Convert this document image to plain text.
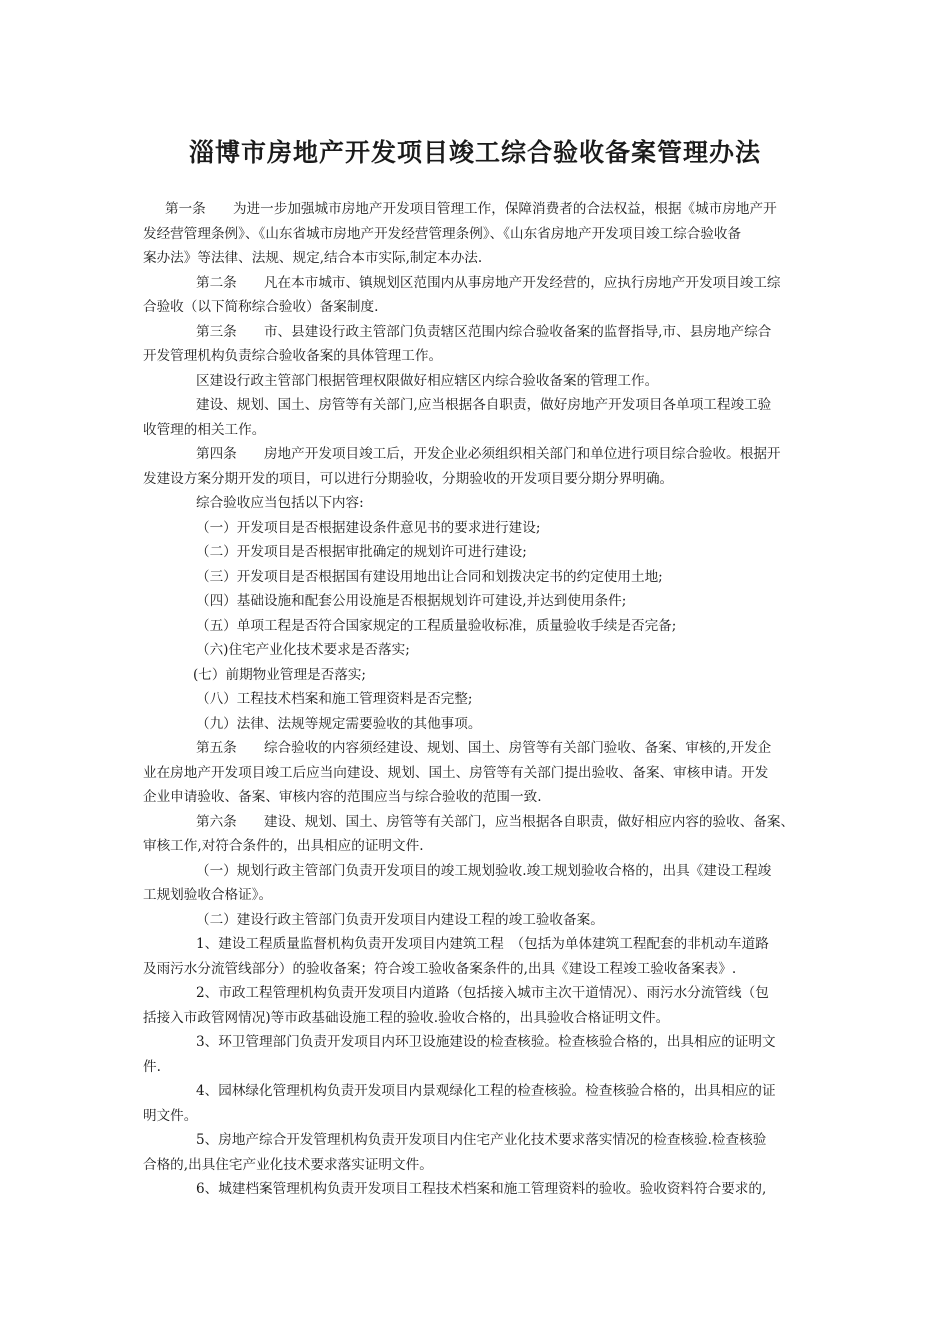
淄博市房地产开发项目竣工综合验收备案管理办法
第一条　　为进一步加强城市房地产开发项目管理工作，保障消费者的合法权益，根据《城市房地产开
发经营管理条例》、《山东省城市房地产开发经营管理条例》、《山东省房地产开发项目竣工综合验收备
案办法》等法律、法规、规定,结合本市实际,制定本办法.
第二条　　凡在本市城市、镇规划区范围内从事房地产开发经营的，应执行房地产开发项目竣工综
合验收（以下简称综合验收）备案制度.
第三条　　市、县建设行政主管部门负责辖区范围内综合验收备案的监督指导,市、县房地产综合
开发管理机构负责综合验收备案的具体管理工作。
区建设行政主管部门根据管理权限做好相应辖区内综合验收备案的管理工作。
建设、规划、国土、房管等有关部门,应当根据各自职责，做好房地产开发项目各单项工程竣工验
收管理的相关工作。
第四条　　房地产开发项目竣工后，开发企业必须组织相关部门和单位进行项目综合验收。根据开
发建设方案分期开发的项目，可以进行分期验收，分期验收的开发项目要分期分界明确。
综合验收应当包括以下内容:
（一）开发项目是否根据建设条件意见书的要求进行建设;
（二）开发项目是否根据审批确定的规划许可进行建设;
（三）开发项目是否根据国有建设用地出让合同和划拨决定书的约定使用土地;
（四）基础设施和配套公用设施是否根据规划许可建设,并达到使用条件;
（五）单项工程是否符合国家规定的工程质量验收标准，质量验收手续是否完备;
（六)住宅产业化技术要求是否落实;
(七）前期物业管理是否落实;
（八）工程技术档案和施工管理资料是否完整;
（九）法律、法规等规定需要验收的其他事项。
第五条　　综合验收的内容须经建设、规划、国土、房管等有关部门验收、备案、审核的,开发企
业在房地产开发项目竣工后应当向建设、规划、国土、房管等有关部门提出验收、备案、审核申请。开发
企业申请验收、备案、审核内容的范围应当与综合验收的范围一致.
第六条　　建设、规划、国土、房管等有关部门，应当根据各自职责，做好相应内容的验收、备案、
审核工作,对符合条件的，出具相应的证明文件.
（一）规划行政主管部门负责开发项目的竣工规划验收.竣工规划验收合格的，出具《建设工程竣
工规划验收合格证》。
（二）建设行政主管部门负责开发项目内建设工程的竣工验收备案。
1、建设工程质量监督机构负责开发项目内建筑工程　（包括为单体建筑工程配套的非机动车道路
及雨污水分流管线部分）的验收备案；符合竣工验收备案条件的,出具《建设工程竣工验收备案表》.
2、市政工程管理机构负责开发项目内道路（包括接入城市主次干道情况）、雨污水分流管线（包
括接入市政管网情况)等市政基础设施工程的验收.验收合格的，出具验收合格证明文件。
3、环卫管理部门负责开发项目内环卫设施建设的检查核验。检查核验合格的，出具相应的证明文
件.
4、园林绿化管理机构负责开发项目内景观绿化工程的检查核验。检查核验合格的，出具相应的证
明文件。
5、房地产综合开发管理机构负责开发项目内住宅产业化技术要求落实情况的检查核验.检查核验
合格的,出具住宅产业化技术要求落实证明文件。
6、城建档案管理机构负责开发项目工程技术档案和施工管理资料的验收。验收资料符合要求的,
